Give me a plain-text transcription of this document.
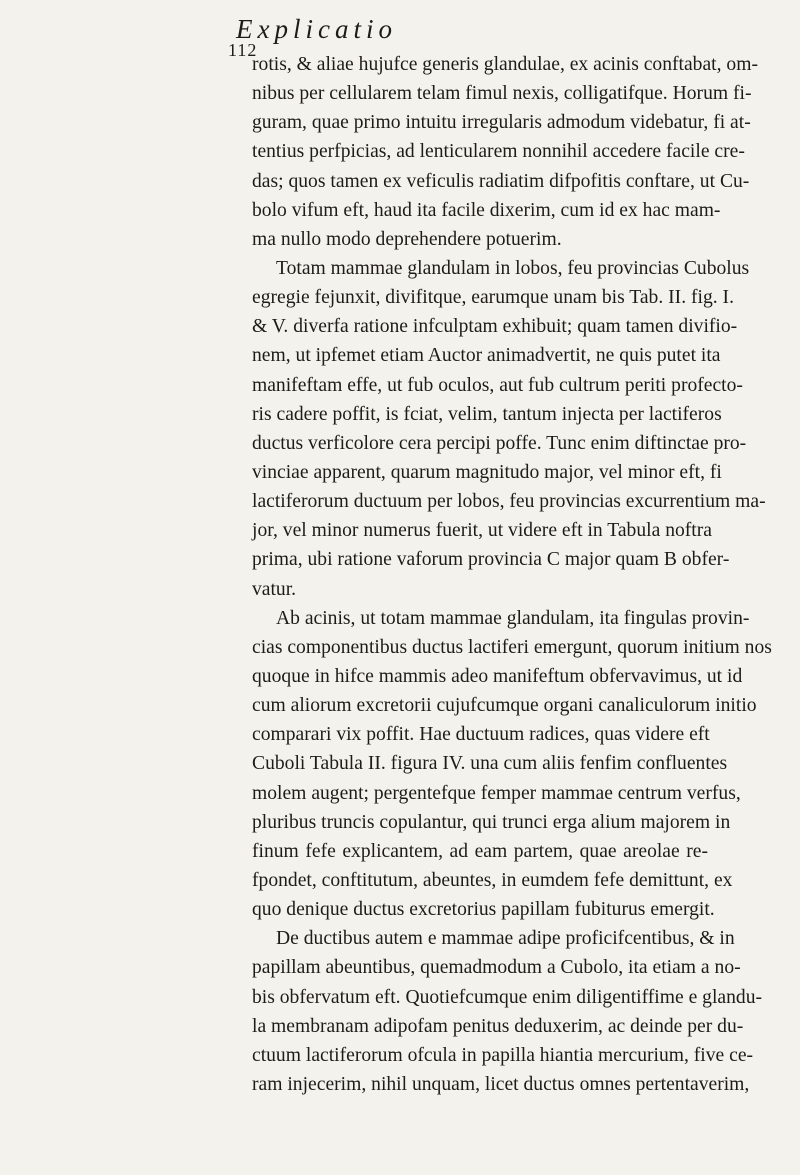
112
Explicatio
rotis, & aliae hujufce generis glandulae, ex acinis conftabat, om-
nibus per cellularem telam fimul nexis, colligatifque. Horum fi-
guram, quae primo intuitu irregularis admodum videbatur, fi at-
tentius perfpicias, ad lenticularem nonnihil accedere facile cre-
das; quos tamen ex veficulis radiatim difpofitis conftare, ut Cu-
bolo vifum eft, haud ita facile dixerim, cum id ex hac mam-
ma nullo modo deprehendere potuerim.
Totam mammae glandulam in lobos, feu provincias Cubolus
egregie fejunxit, divifitque, earumque unam bis Tab. II. fig. I.
& V. diverfa ratione infculptam exhibuit; quam tamen divifio-
nem, ut ipfemet etiam Auctor animadvertit, ne quis putet ita
manifeftam effe, ut fub oculos, aut fub cultrum periti profecto-
ris cadere poffit, is fciat, velim, tantum injecta per lactiferos
ductus verficolore cera percipi poffe. Tunc enim diftinctae pro-
vinciae apparent, quarum magnitudo major, vel minor eft, fi
lactiferorum ductuum per lobos, feu provincias excurrentium ma-
jor, vel minor numerus fuerit, ut videre eft in Tabula noftra
prima, ubi ratione vaforum provincia C major quam B obfer-
vatur.
Ab acinis, ut totam mammae glandulam, ita fingulas provin-
cias componentibus ductus lactiferi emergunt, quorum initium nos
quoque in hifce mammis adeo manifeftum obfervavimus, ut id
cum aliorum excretorii cujufcumque organi canaliculorum initio
comparari vix poffit. Hae ductuum radices, quas videre eft
Cuboli Tabula II. figura IV. una cum aliis fenfim confluentes
molem augent; pergentefque femper mammae centrum verfus,
pluribus truncis copulantur, qui trunci erga alium majorem in
finum fefe explicantem, ad eam partem, quae areolae re-
fpondet, conftitutum, abeuntes, in eumdem fefe demittunt, ex
quo denique ductus excretorius papillam fubiturus emergit.
De ductibus autem e mammae adipe proficifcentibus, & in
papillam abeuntibus, quemadmodum a Cubolo, ita etiam a no-
bis obfervatum eft. Quotiefcumque enim diligentiffime e glandu-
la membranam adipofam penitus deduxerim, ac deinde per du-
ctuum lactiferorum ofcula in papilla hiantia mercurium, five ce-
ram injecerim, nihil unquam, licet ductus omnes pertentaverim,
